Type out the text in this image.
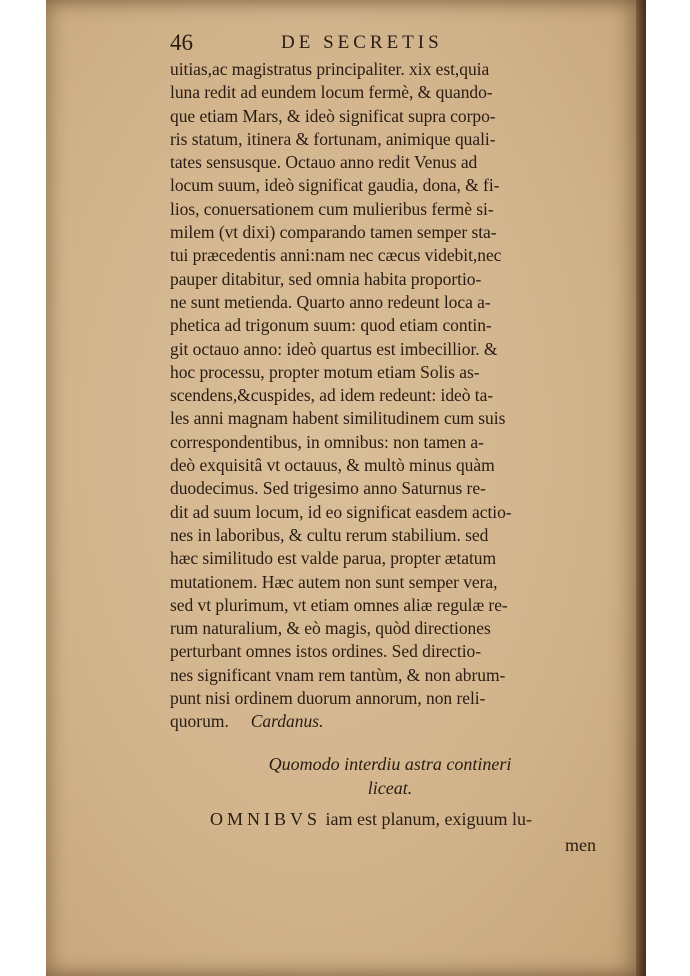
46	DE SECRETIS
uitias,ac magistratus principaliter. xix est,quia
luna redit ad eundem locum fermè, & quando-
que etiam Mars, & ideò significat supra corpo-
ris statum, itinera & fortunam, animique quali-
tates sensusque. Octauo anno redit Venus ad
locum suum, ideò significat gaudia, dona, & fi-
lios, conuersationem cum mulieribus fermè si-
milem (vt dixi) comparando tamen semper sta-
tui præcedentis anni:nam nec cæcus videbit,nec
pauper ditabitur, sed omnia habita proportio-
ne sunt metienda. Quarto anno redeunt loca a-
phetica ad trigonum suum: quod etiam contin-
git octauo anno: ideò quartus est imbecillior. &
hoc processu, propter motum etiam Solis as-
scendens,&cuspides, ad idem redeunt: ideò ta-
les anni magnam habent similitudinem cum suis
correspondentibus, in omnibus: non tamen a-
deò exquisitâ vt octauus, & multò minus quàm
duodecimus. Sed trigesimo anno Saturnus re-
dit ad suum locum, id eo significat easdem actio-
nes in laboribus, & cultu rerum stabilium. sed
hæc similitudo est valde parua, propter ætatum
mutationem. Hæc autem non sunt semper vera,
sed vt plurimum, vt etiam omnes aliæ regulæ re-
rum naturalium, & eò magis, quòd directiones
perturbant omnes istos ordines. Sed directio-
nes significant vnam rem tantùm, & non abrum-
punt nisi ordinem duorum annorum, non reli-
quorum. Cardanus.
Quomodo interdiu astra contineri
liceat.
OMNIBVS iam est planum, exiguum lu-
men
